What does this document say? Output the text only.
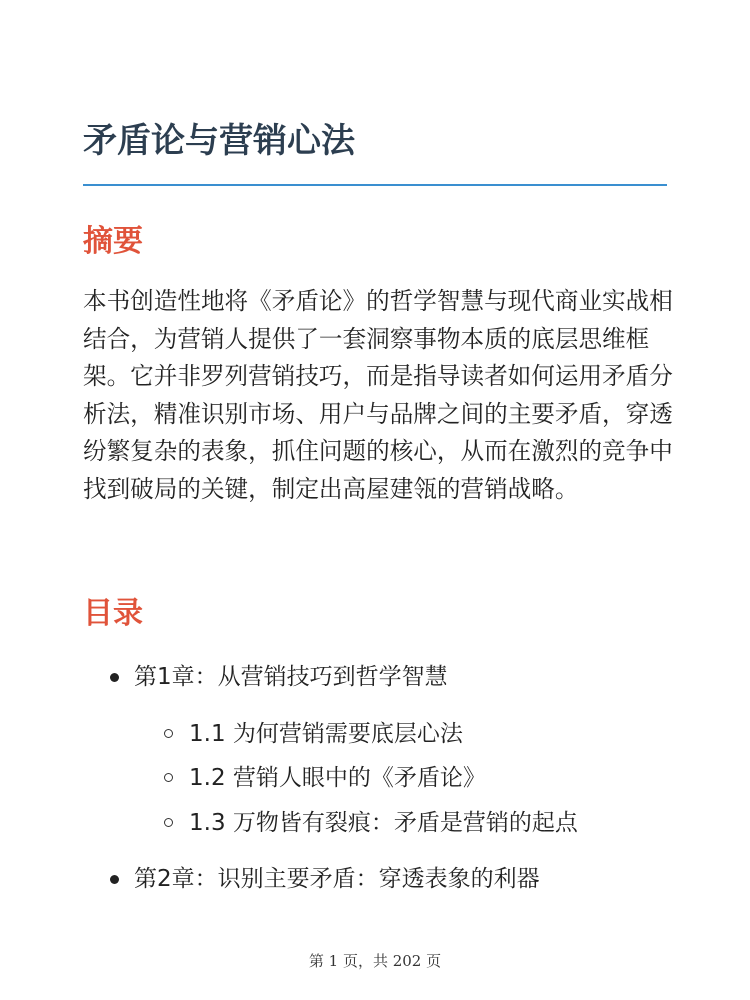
矛盾论与营销心法
摘要

本书创造性地将《矛盾论》的哲学智慧与现代商业实战相结合，为营销人提供了一套洞察事物本质的底层思维框架。它并非罗列营销技巧，而是指导读者如何运用矛盾分析法，精准识别市场、用户与品牌之间的主要矛盾，穿透纷繁复杂的表象，抓住问题的核心，从而在激烈的竞争中找到破局的关键，制定出高屋建瓴的营销战略。

目录
第1章：从营销技巧到哲学智慧
1.1 为何营销需要底层心法
1.2 营销人眼中的《矛盾论》
1.3 万物皆有裂痕：矛盾是营销的起点
第2章：识别主要矛盾：穿透表象的利器
第 1 页，共 202 页
